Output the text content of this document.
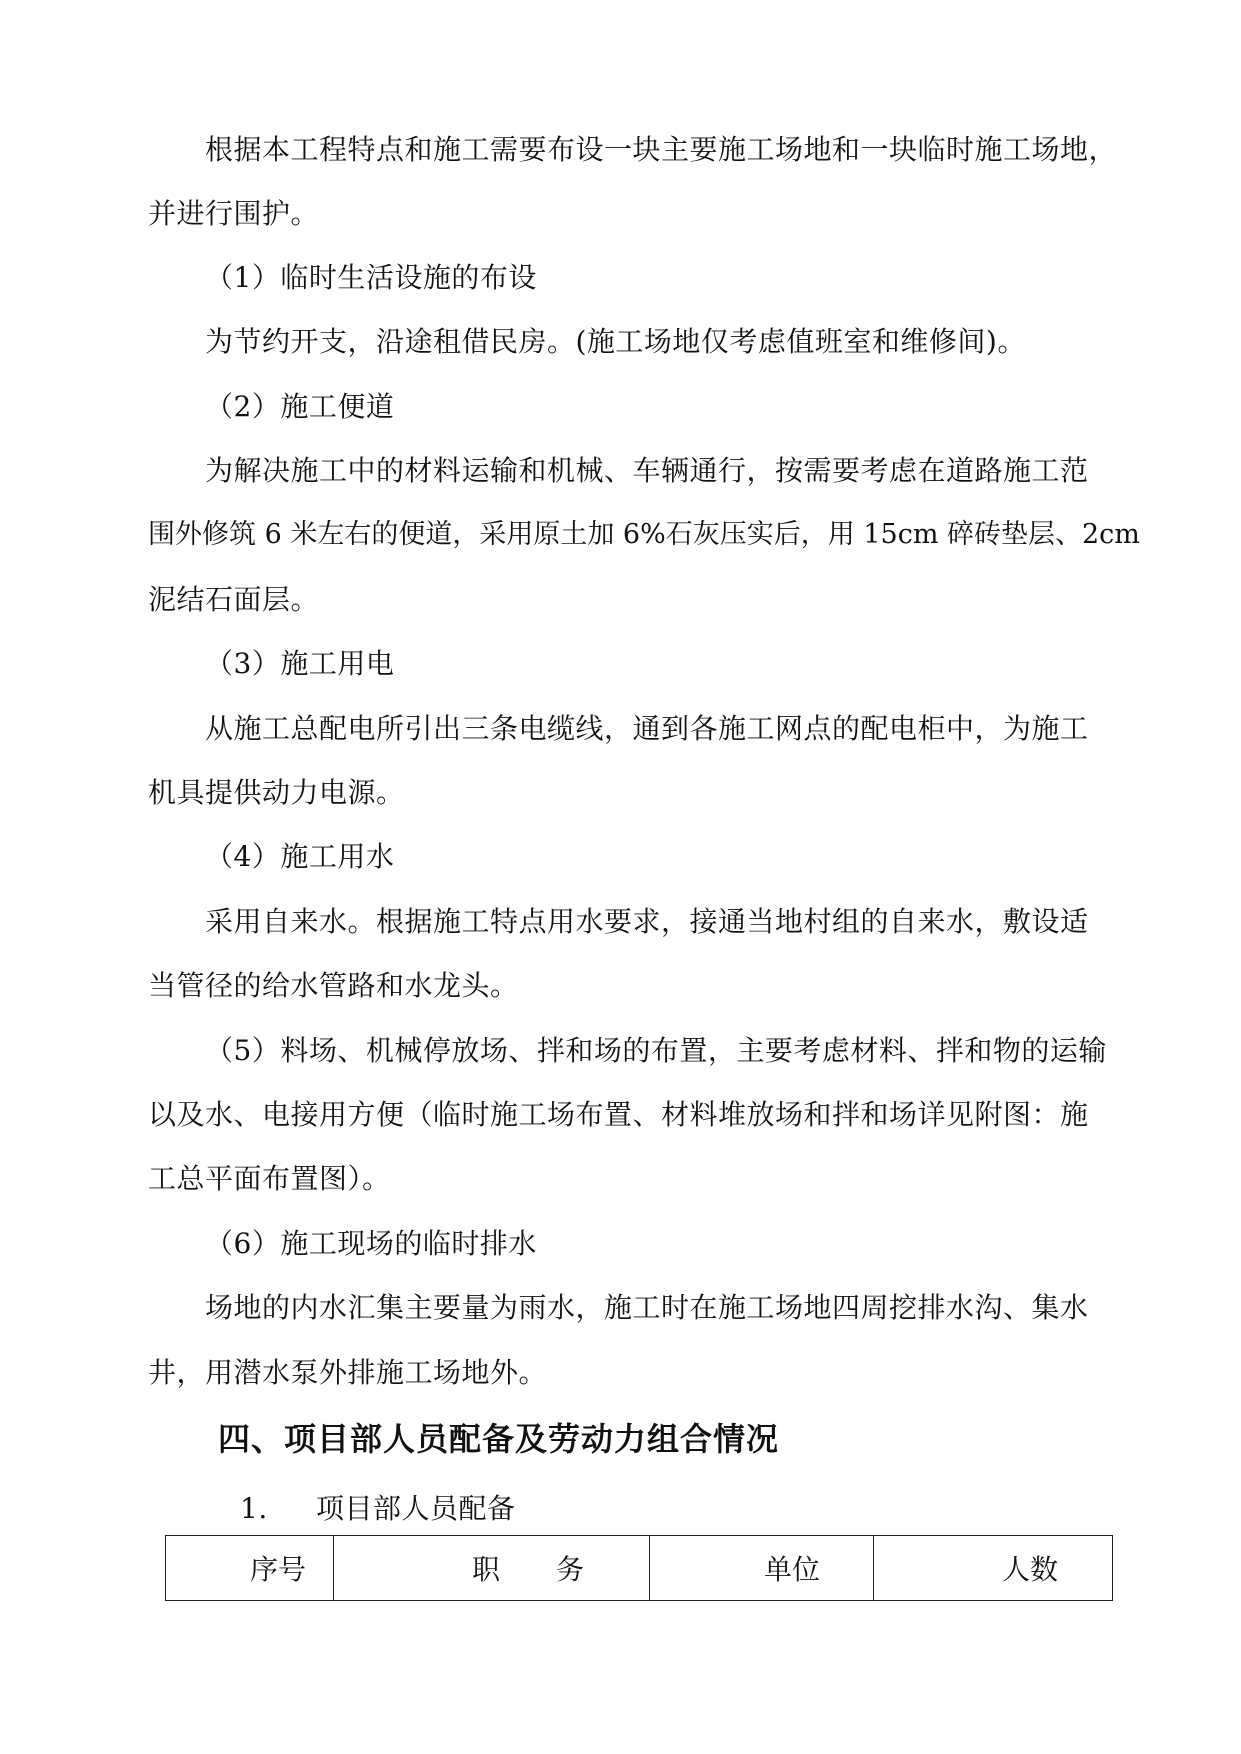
根据本工程特点和施工需要布设一块主要施工场地和一块临时施工场地，
并进行围护。
（1）临时生活设施的布设
为节约开支，沿途租借民房。(施工场地仅考虑值班室和维修间)。
（2）施工便道
为解决施工中的材料运输和机械、车辆通行，按需要考虑在道路施工范
围外修筑 6 米左右的便道，采用原土加 6%石灰压实后，用 15cm 碎砖垫层、2cm
泥结石面层。
（3）施工用电
从施工总配电所引出三条电缆线，通到各施工网点的配电柜中，为施工
机具提供动力电源。
（4）施工用水
采用自来水。根据施工特点用水要求，接通当地村组的自来水，敷设适
当管径的给水管路和水龙头。
（5）料场、机械停放场、拌和场的布置，主要考虑材料、拌和物的运输
以及水、电接用方便（临时施工场布置、材料堆放场和拌和场详见附图：施
工总平面布置图）。
（6）施工现场的临时排水
场地的内水汇集主要量为雨水，施工时在施工场地四周挖排水沟、集水
井，用潜水泵外排施工场地外。
四、项目部人员配备及劳动力组合情况
1. 项目部人员配备
序号	职　　务	单位	人数
